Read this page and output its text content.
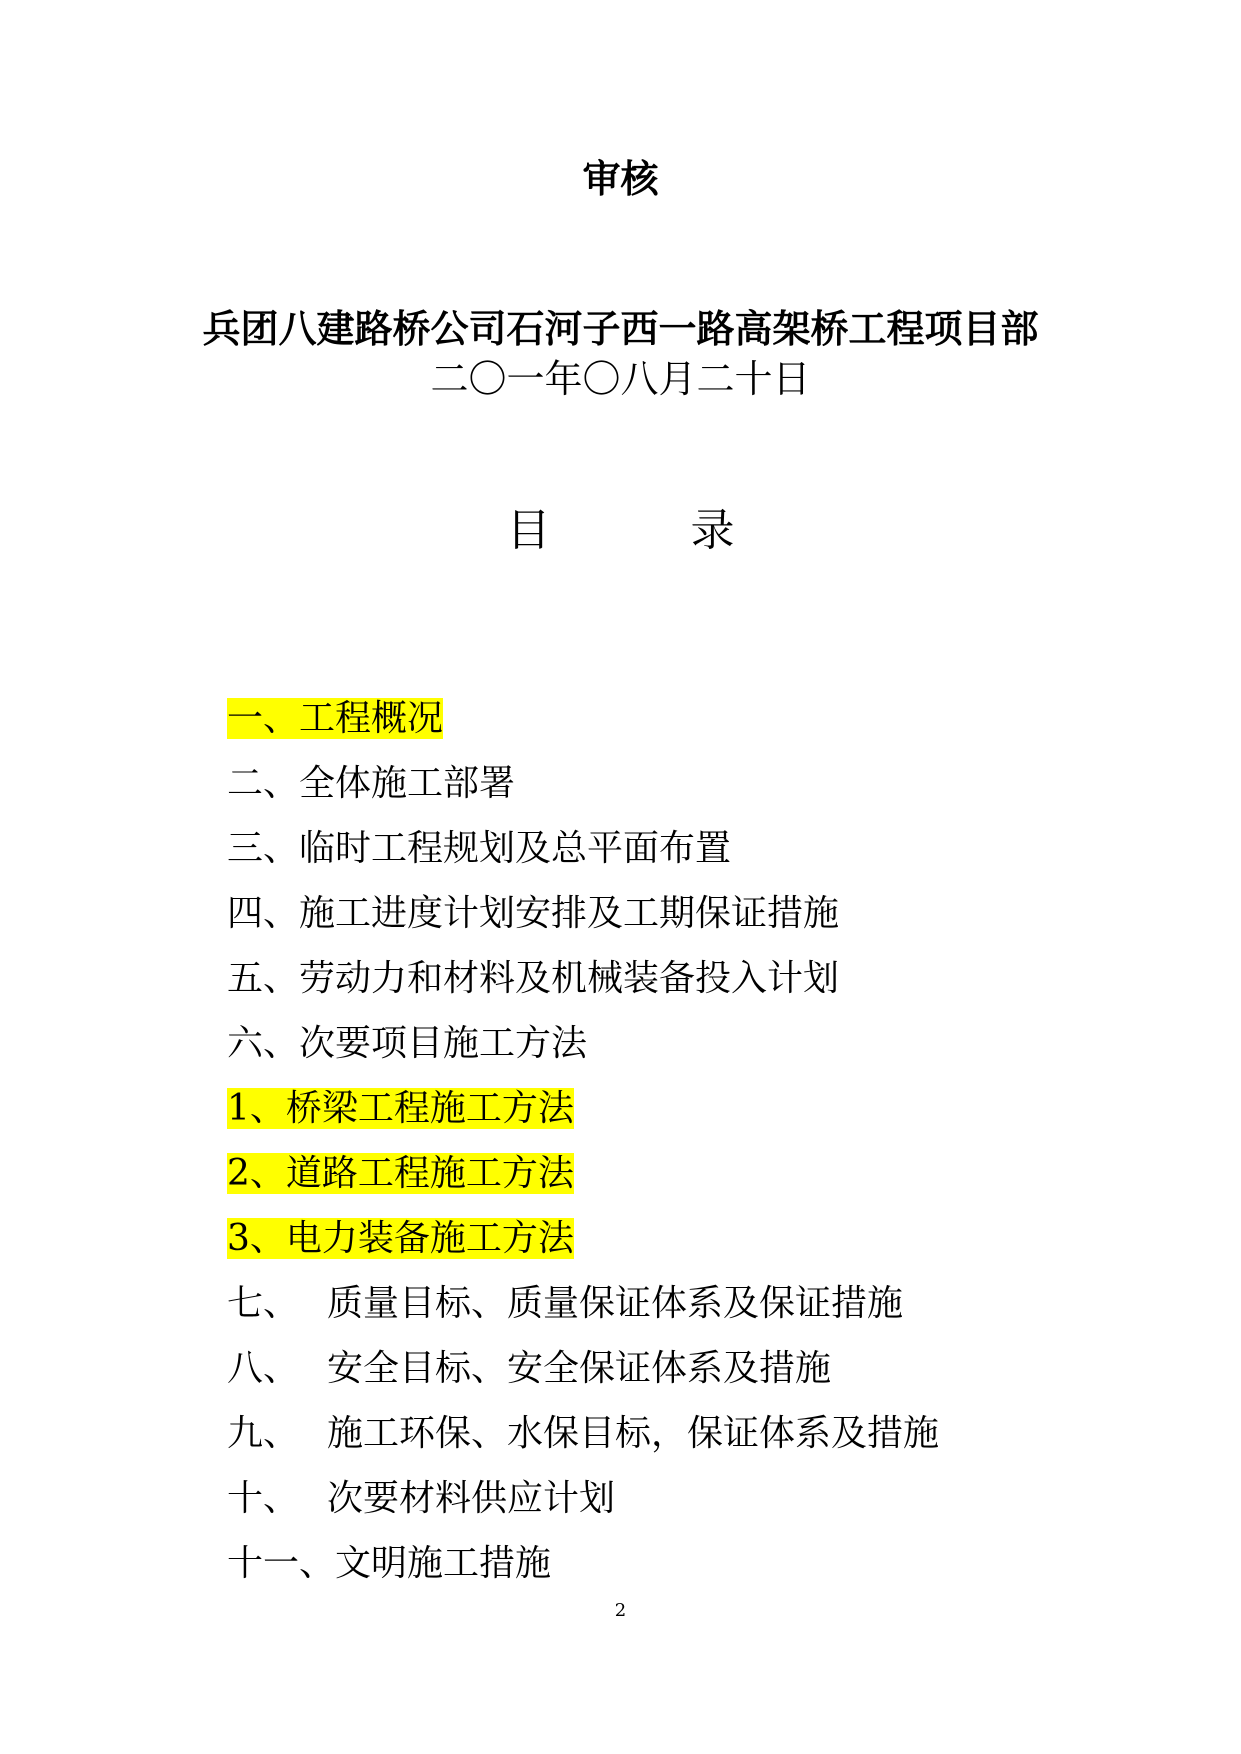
审核
兵团八建路桥公司石河子西一路高架桥工程项目部
二〇一年〇八月二十日
目	录
一、工程概况
二、全体施工部署
三、临时工程规划及总平面布置
四、施工进度计划安排及工期保证措施
五、劳动力和材料及机械装备投入计划
六、次要项目施工方法
1、桥梁工程施工方法
2、道路工程施工方法
3、电力装备施工方法
七、 质量目标、质量保证体系及保证措施
八、 安全目标、安全保证体系及措施
九、 施工环保、水保目标，保证体系及措施
十、 次要材料供应计划
十一、文明施工措施
2
